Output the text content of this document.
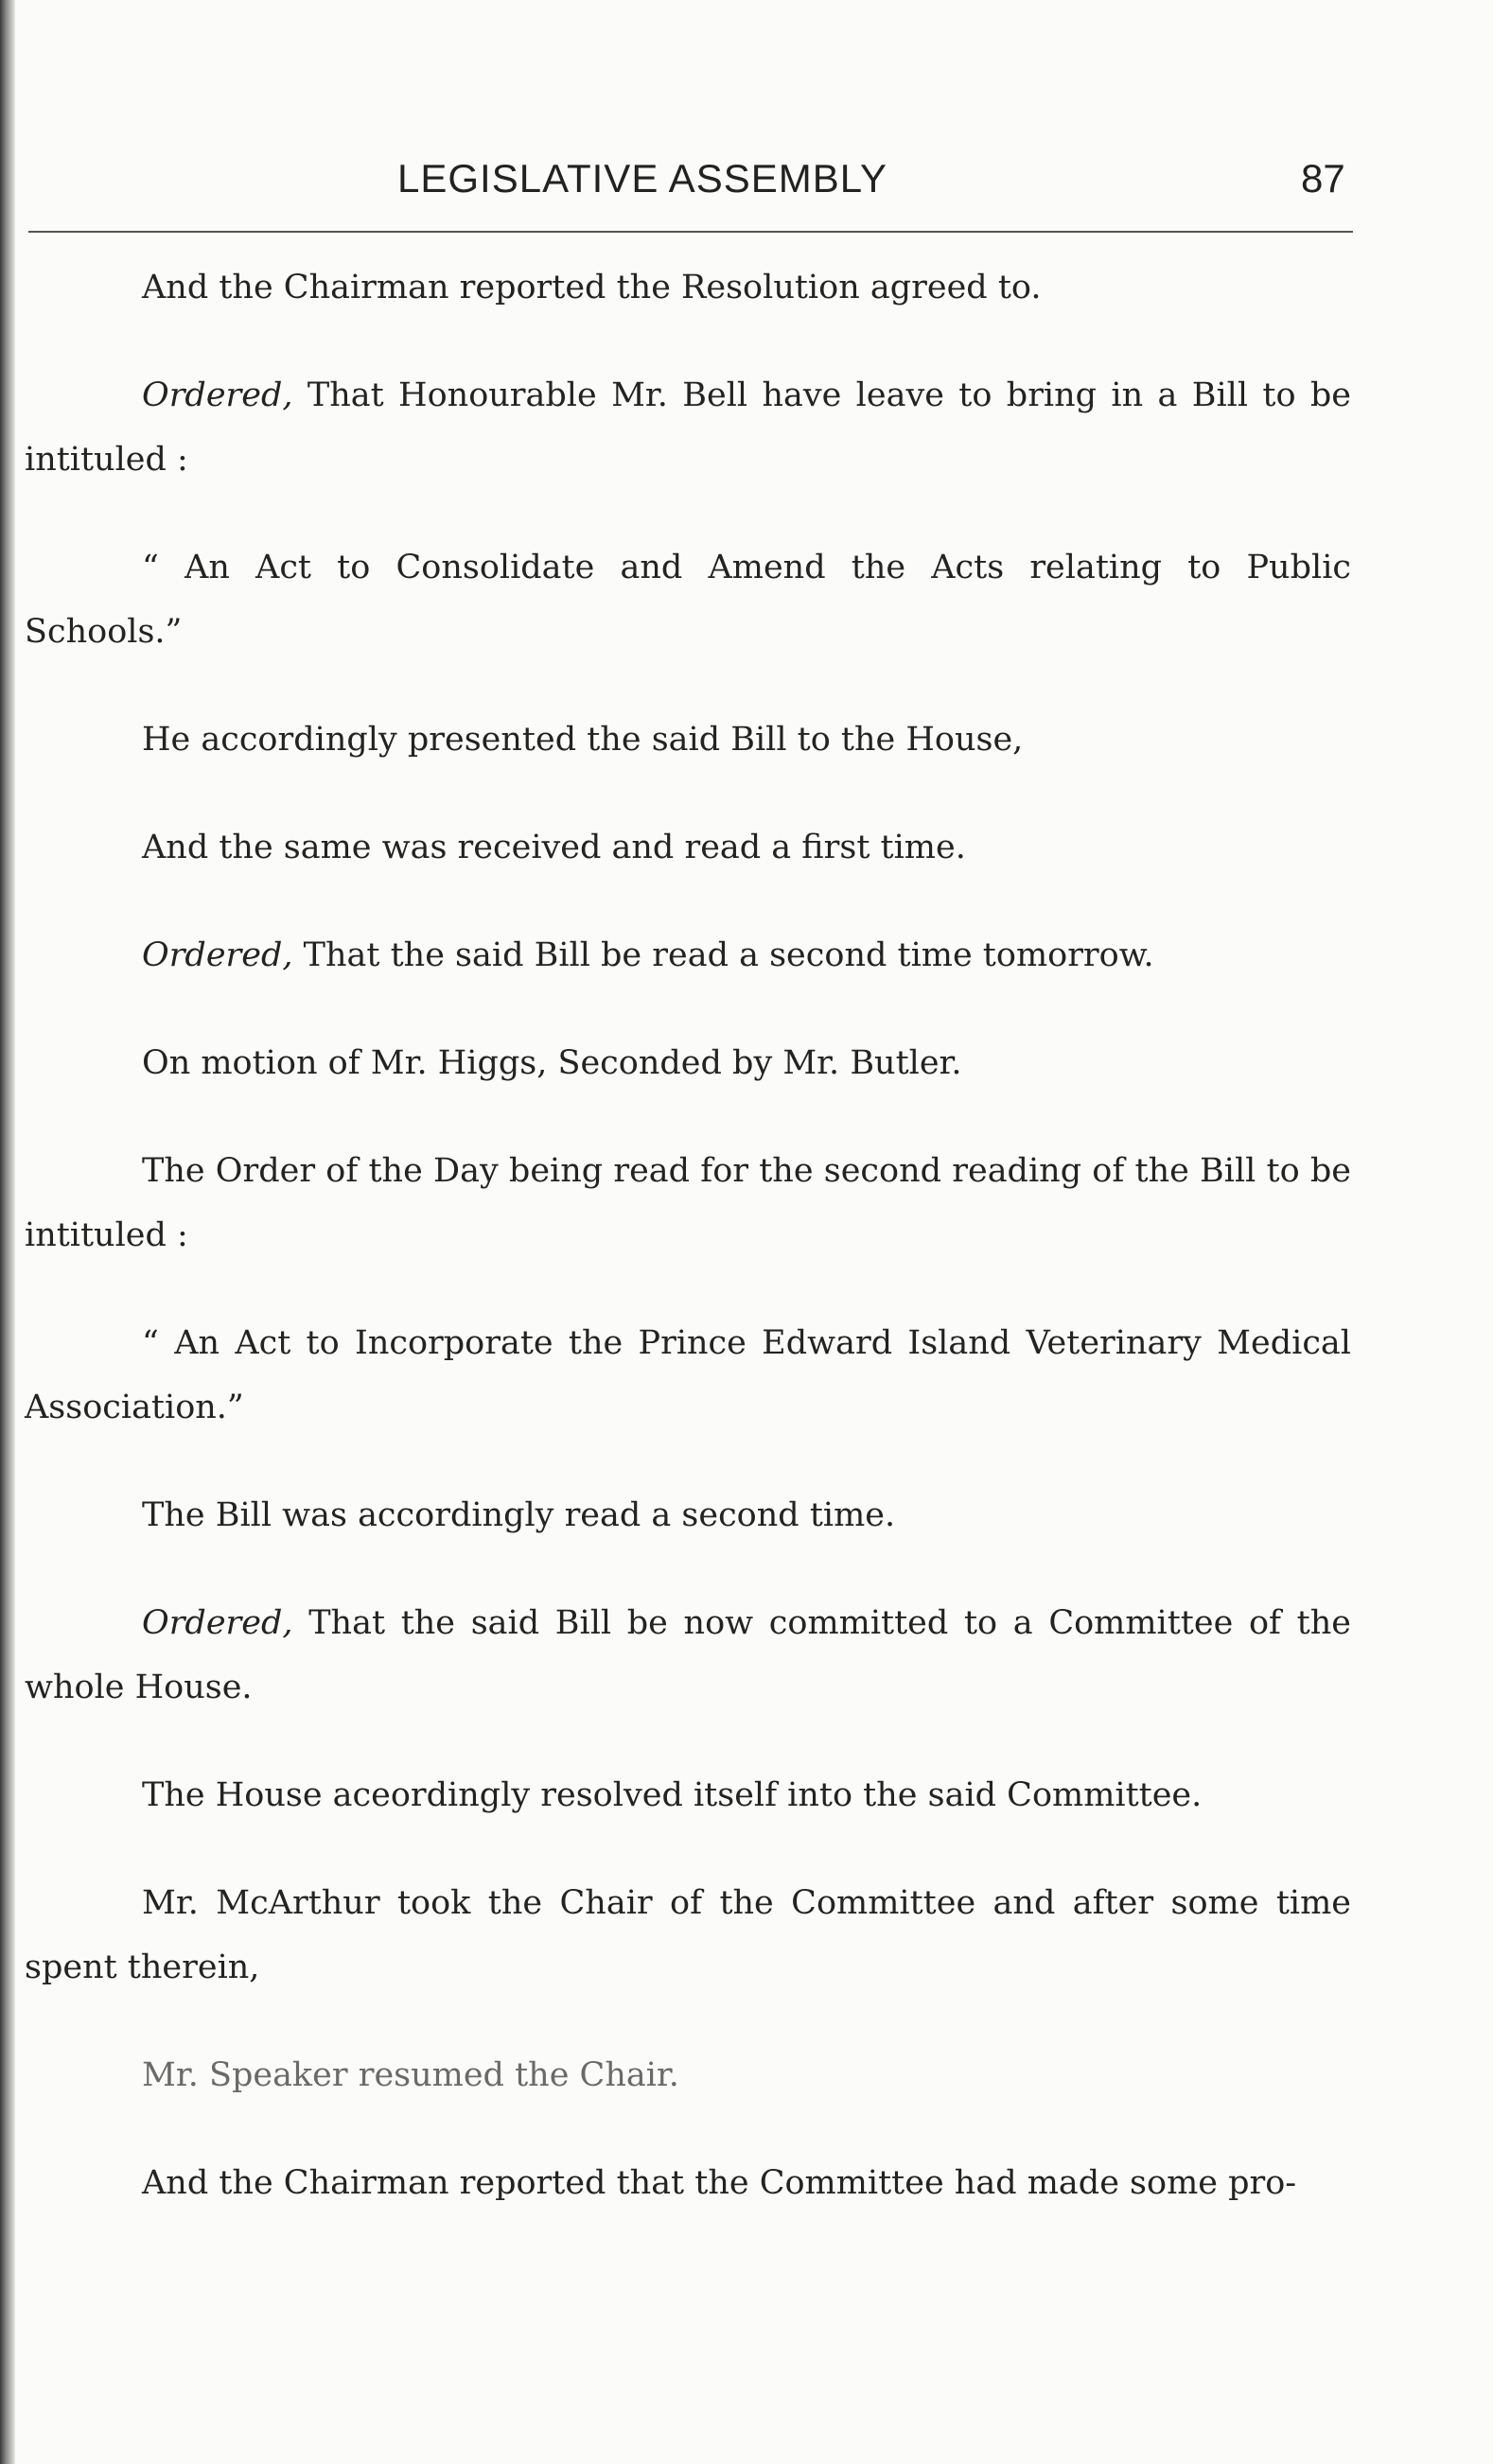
LEGISLATIVE ASSEMBLY	87

And the Chairman reported the Resolution agreed to.

Ordered, That Honourable Mr. Bell have leave to bring in a Bill to be intituled :

“ An Act to Consolidate and Amend the Acts relating to Public Schools.”

He accordingly presented the said Bill to the House,

And the same was received and read a first time.

Ordered, That the said Bill be read a second time tomorrow.

On motion of Mr. Higgs, Seconded by Mr. Butler.

The Order of the Day being read for the second reading of the Bill to be intituled :

“ An Act to Incorporate the Prince Edward Island Veterinary Medical Association.”

The Bill was accordingly read a second time.

Ordered, That the said Bill be now committed to a Committee of the whole House.

The House aceordingly resolved itself into the said Committee.

Mr. McArthur took the Chair of the Committee and after some time spent therein,

Mr. Speaker resumed the Chair.

And the Chairman reported that the Committee had made some pro-
